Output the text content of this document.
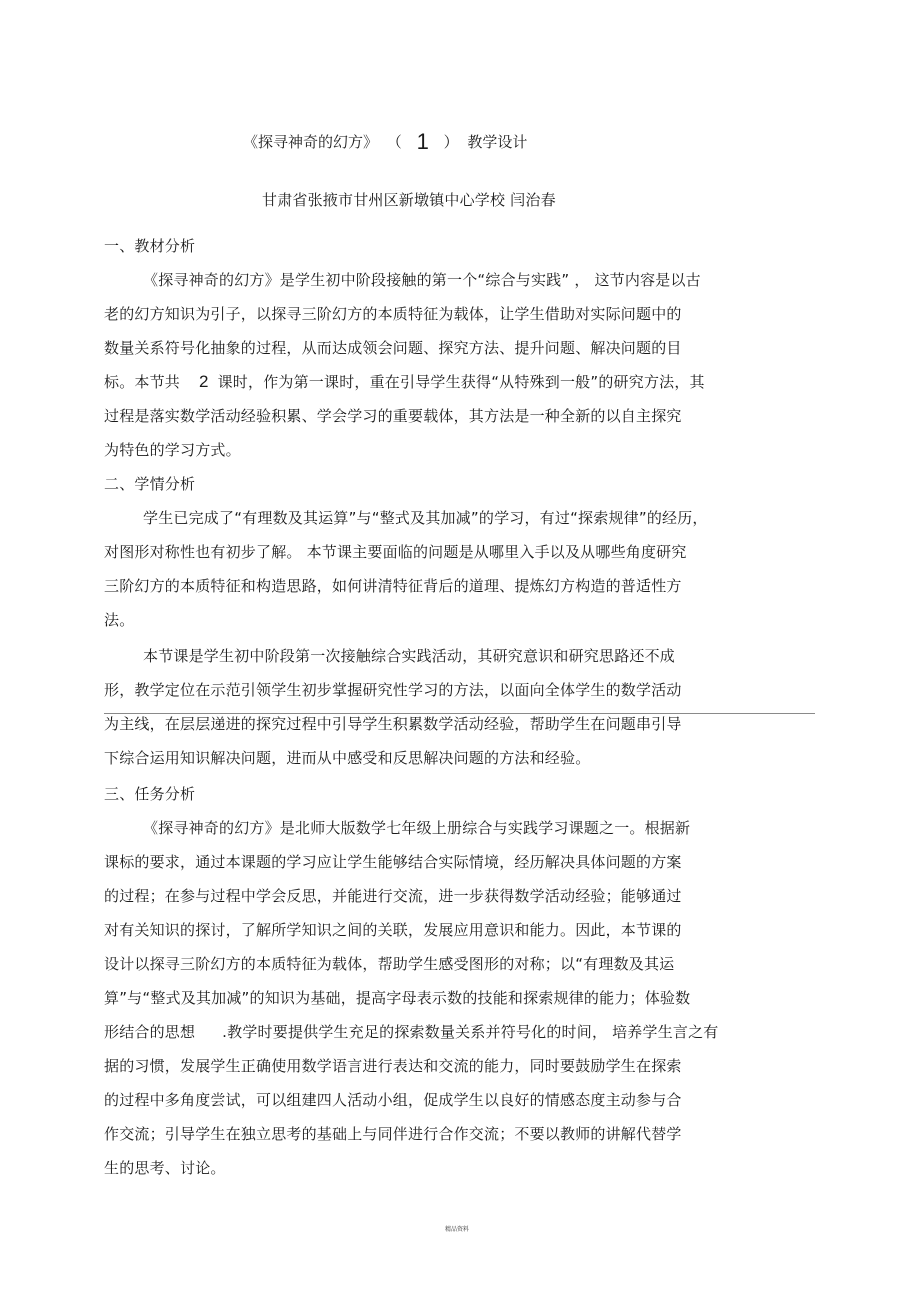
《探寻神奇的幻方》 （ 1 ） 教学设计
甘肃省张掖市甘州区新墩镇中心学校 闫治春
一、教材分析
《探寻神奇的幻方》是学生初中阶段接触的第一个“综合与实践” ， 这节内容是以古
老的幻方知识为引子，以探寻三阶幻方的本质特征为载体，让学生借助对实际问题中的
数量关系符号化抽象的过程，从而达成领会问题、探究方法、提升问题、解决问题的目
标。本节共 2 课时，作为第一课时，重在引导学生获得“从特殊到一般”的研究方法，其
过程是落实数学活动经验积累、学会学习的重要载体，其方法是一种全新的以自主探究
为特色的学习方式。
二、学情分析
学生已完成了“有理数及其运算”与“整式及其加减”的学习，有过“探索规律”的经历，
对图形对称性也有初步了解。 本节课主要面临的问题是从哪里入手以及从哪些角度研究
三阶幻方的本质特征和构造思路，如何讲清特征背后的道理、提炼幻方构造的普适性方
法。
本节课是学生初中阶段第一次接触综合实践活动，其研究意识和研究思路还不成
形，教学定位在示范引领学生初步掌握研究性学习的方法，以面向全体学生的数学活动
为主线，在层层递进的探究过程中引导学生积累数学活动经验，帮助学生在问题串引导
下综合运用知识解决问题，进而从中感受和反思解决问题的方法和经验。
三、任务分析
《探寻神奇的幻方》是北师大版数学七年级上册综合与实践学习课题之一。根据新
课标的要求，通过本课题的学习应让学生能够结合实际情境，经历解决具体问题的方案
的过程；在参与过程中学会反思，并能进行交流，进一步获得数学活动经验；能够通过
对有关知识的探讨，了解所学知识之间的关联，发展应用意识和能力。因此，本节课的
设计以探寻三阶幻方的本质特征为载体，帮助学生感受图形的对称；以“有理数及其运
算”与“整式及其加减”的知识为基础，提高字母表示数的技能和探索规律的能力；体验数
形结合的思想 .教学时要提供学生充足的探索数量关系并符号化的时间， 培养学生言之有
据的习惯，发展学生正确使用数学语言进行表达和交流的能力，同时要鼓励学生在探索
的过程中多角度尝试，可以组建四人活动小组，促成学生以良好的情感态度主动参与合
作交流；引导学生在独立思考的基础上与同伴进行合作交流；不要以教师的讲解代替学
生的思考、讨论。
精品资料
